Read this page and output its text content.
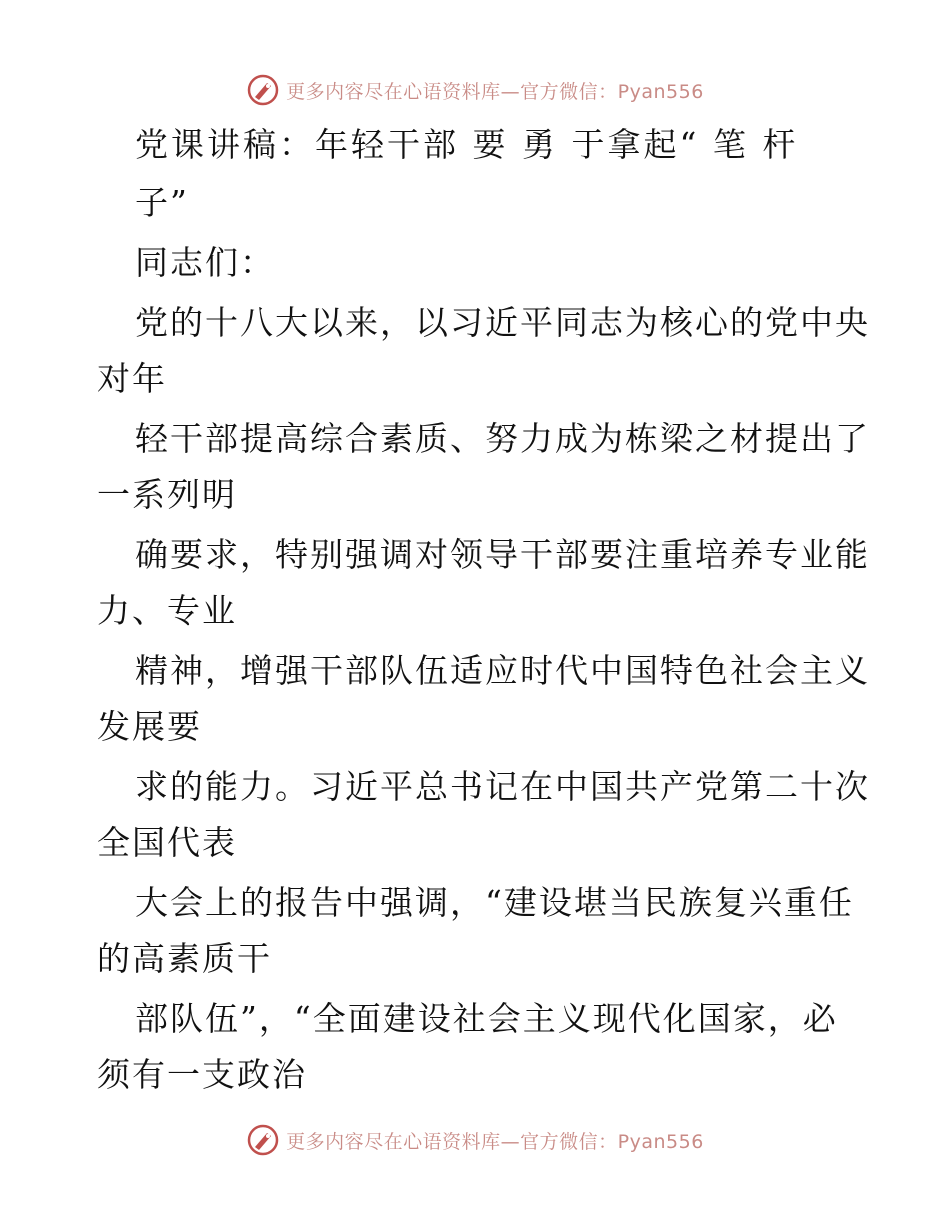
更多内容尽在心语资料库—官方微信：Pyan556
党课讲稿：年轻干部 要 勇 于拿起“ 笔 杆
子”
同志们：
党的十八大以来，以习近平同志为核心的党中央
对年
轻干部提高综合素质、努力成为栋梁之材提出了
一系列明
确要求，特别强调对领导干部要注重培养专业能
力、专业
精神，增强干部队伍适应时代中国特色社会主义
发展要
求的能力。习近平总书记在中国共产党第二十次
全国代表
大会上的报告中强调，“建设堪当民族复兴重任
的高素质干
部队伍”，“全面建设社会主义现代化国家，必
须有一支政治
更多内容尽在心语资料库—官方微信：Pyan556
